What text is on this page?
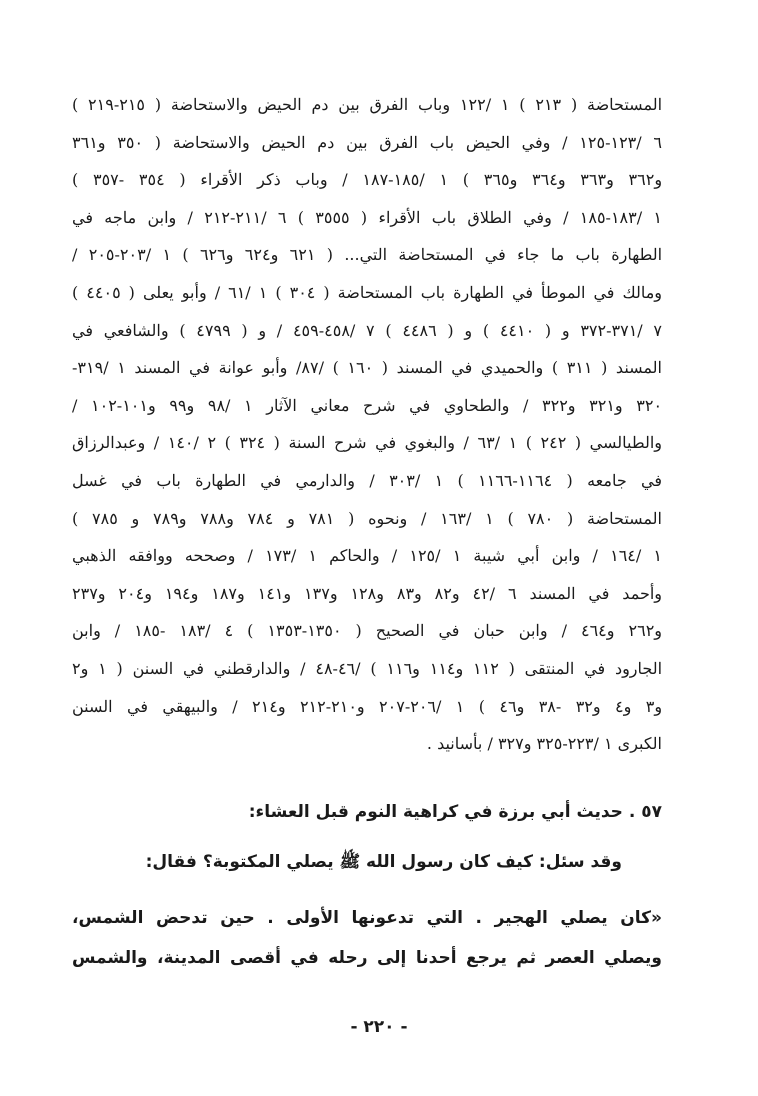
المستحاضة ( ٢١٣ ) ١ /١٢٢ وباب الفرق بين دم الحيض والاستحاضة ( ٢١٥-٢١٩ )
٦ /١٢٣-١٢٥ / وفي الحيض باب الفرق بين دم الحيض والاستحاضة ( ٣٥٠ و٣٦١
و٣٦٢ و٣٦٣ و٣٦٤ و٣٦٥ ) ١ /١٨٥-١٨٧ / وباب ذكر الأقراء ( ٣٥٤ -٣٥٧ )
١ /١٨٣-١٨٥ / وفي الطلاق باب الأقراء ( ٣٥٥٥ ) ٦ /٢١١-٢١٢ / وابن ماجه في
الطهارة باب ما جاء في المستحاضة التي... ( ٦٢١ و٦٢٤ و٦٢٦ ) ١ /٢٠٣-٢٠٥ /
ومالك في الموطأ في الطهارة باب المستحاضة ( ٣٠٤ ) ١ /٦١ / وأبو يعلى ( ٤٤٠٥ )
٧ /٣٧١-٣٧٢ و ( ٤٤١٠ ) و ( ٤٤٨٦ ) ٧ /٤٥٨-٤٥٩ / و ( ٤٧٩٩ ) والشافعي في
المسند ( ٣١١ ) والحميدي في المسند ( ١٦٠ ) /٨٧/ وأبو عوانة في المسند ١ /٣١٩-
٣٢٠ و٣٢١ و٣٢٢ / والطحاوي في شرح معاني الآثار ١ /٩٨ و٩٩ و١٠١-١٠٢ /
والطيالسي ( ٢٤٢ ) ١ /٦٣ / والبغوي في شرح السنة ( ٣٢٤ ) ٢ /١٤٠ / وعبدالرزاق
في جامعه ( ١١٦٤-١١٦٦ ) ١ /٣٠٣ / والدارمي في الطهارة باب في غسل
المستحاضة ( ٧٨٠ ) ١ /١٦٣ / ونحوه ( ٧٨١ و ٧٨٤ و٧٨٨ و٧٨٩ و ٧٨٥ )
١ /١٦٤ / وابن أبي شيبة ١ /١٢٥ / والحاكم ١ /١٧٣ / وصححه ووافقه الذهبي
وأحمد في المسند ٦ /٤٢ و٨٢ و٨٣ و١٢٨ و١٣٧ و١٤١ و١٨٧ و١٩٤ و٢٠٤ و٢٣٧
و٢٦٢ و٤٦٤ / وابن حبان في الصحيح ( ١٣٥٠-١٣٥٣ ) ٤ /١٨٣ -١٨٥ / وابن
الجارود في المنتقى ( ١١٢ و١١٤ و١١٦ ) /٤٦-٤٨ / والدارقطني في السنن ( ١ و٢
و٣ و٤ و٣٢ -٣٨ و٤٦ ) ١ /٢٠٦-٢٠٧ و٢١٠-٢١٢ و٢١٤ / والبيهقي في السنن
الكبرى ١ /٢٢٣-٣٢٥ و٣٢٧ / بأسانيد .
٥٧ . حديث أبي برزة في كراهية النوم قبل العشاء:
وقد سئل: كيف كان رسول الله ﷺ يصلي المكتوبة؟ فقال:
«كان يصلي الهجير . التي تدعونها الأولى . حين تدحض الشمس،
ويصلي العصر ثم يرجع أحدنا إلى رحله في أقصى المدينة، والشمس
- ٢٢٠ -
